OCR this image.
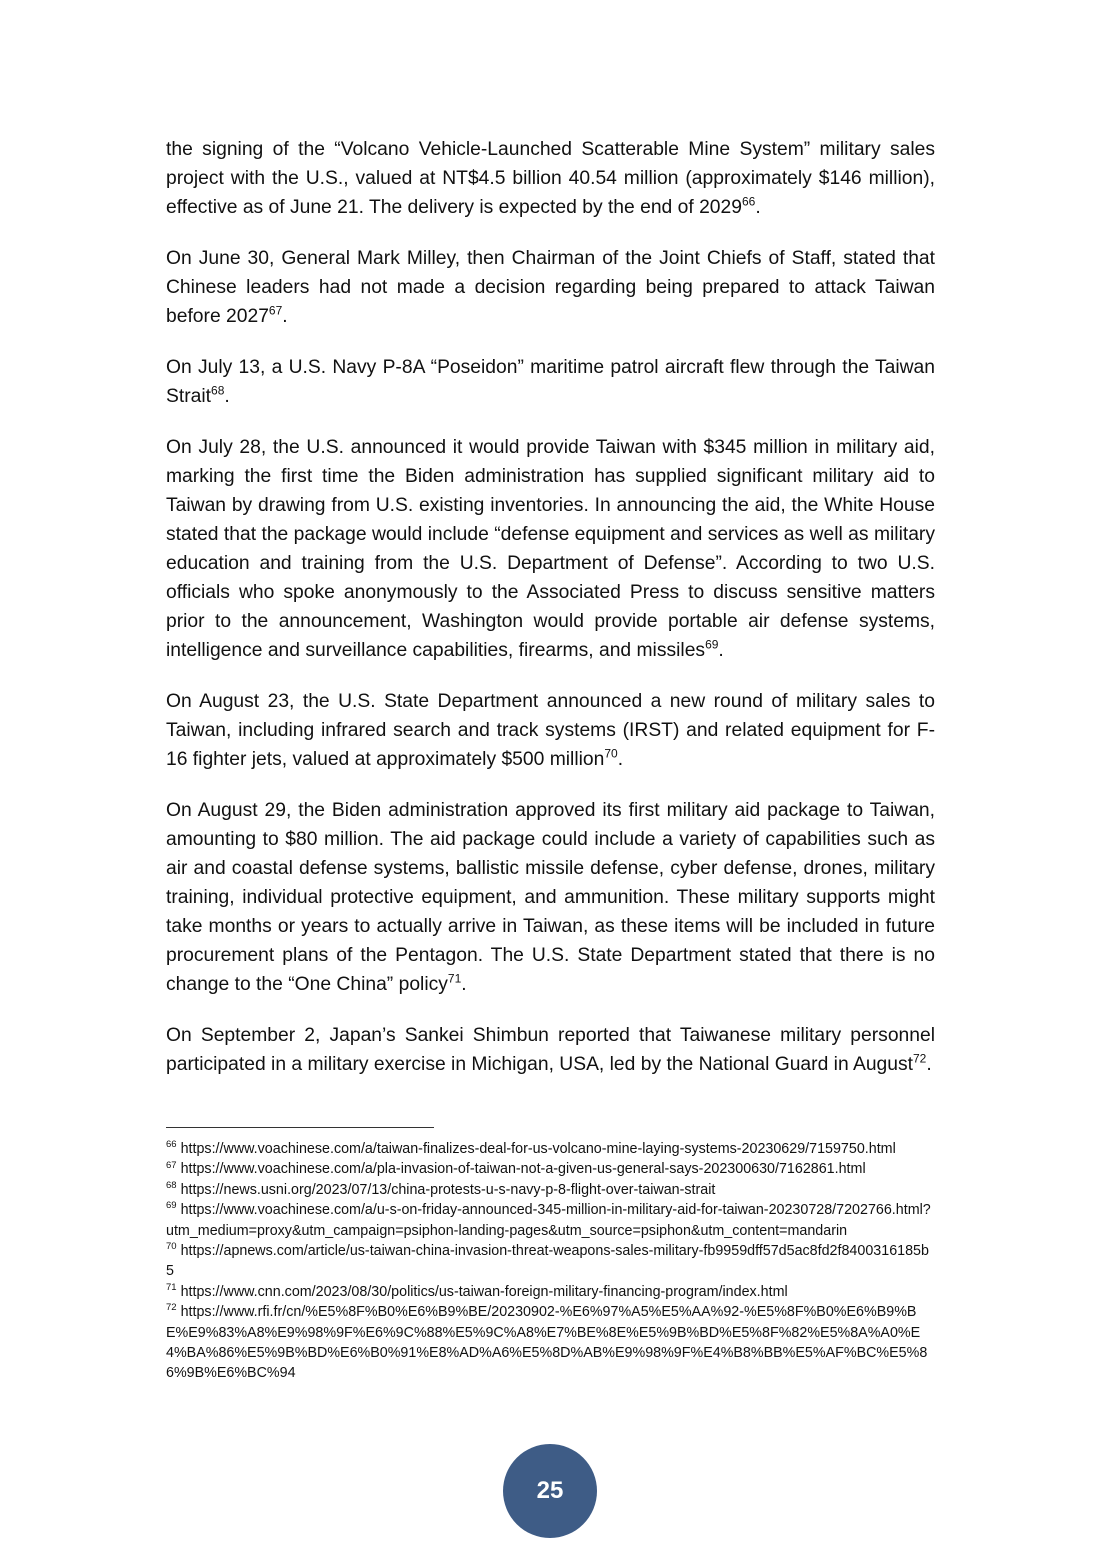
the signing of the “Volcano Vehicle-Launched Scatterable Mine System” military sales project with the U.S., valued at NT$4.5 billion 40.54 million (approximately $146 million), effective as of June 21. The delivery is expected by the end of 2029$^{66}$.

On June 30, General Mark Milley, then Chairman of the Joint Chiefs of Staff, stated that Chinese leaders had not made a decision regarding being prepared to attack Taiwan before 2027$^{67}$.

On July 13, a U.S. Navy P-8A “Poseidon” maritime patrol aircraft flew through the Taiwan Strait$^{68}$.

On July 28, the U.S. announced it would provide Taiwan with $345 million in military aid, marking the first time the Biden administration has supplied significant military aid to Taiwan by drawing from U.S. existing inventories. In announcing the aid, the White House stated that the package would include “defense equipment and services as well as military education and training from the U.S. Department of Defense”. According to two U.S. officials who spoke anonymously to the Associated Press to discuss sensitive matters prior to the announcement, Washington would provide portable air defense systems, intelligence and surveillance capabilities, firearms, and missiles$^{69}$.

On August 23, the U.S. State Department announced a new round of military sales to Taiwan, including infrared search and track systems (IRST) and related equipment for F-16 fighter jets, valued at approximately $500 million$^{70}$.

On August 29, the Biden administration approved its first military aid package to Taiwan, amounting to $80 million. The aid package could include a variety of capabilities such as air and coastal defense systems, ballistic missile defense, cyber defense, drones, military training, individual protective equipment, and ammunition. These military supports might take months or years to actually arrive in Taiwan, as these items will be included in future procurement plans of the Pentagon. The U.S. State Department stated that there is no change to the “One China” policy$^{71}$.

On September 2, Japan’s Sankei Shimbun reported that Taiwanese military personnel participated in a military exercise in Michigan, USA, led by the National Guard in August$^{72}$.

$^{66}$ https://www.voachinese.com/a/taiwan-finalizes-deal-for-us-volcano-mine-laying-systems-20230629/7159750.html

$^{67}$ https://www.voachinese.com/a/pla-invasion-of-taiwan-not-a-given-us-general-says-202300630/7162861.html

$^{68}$ https://news.usni.org/2023/07/13/china-protests-u-s-navy-p-8-flight-over-taiwan-strait

$^{69}$ https://www.voachinese.com/a/u-s-on-friday-announced-345-million-in-military-aid-for-taiwan-20230728/7202766.html?utm_medium=proxy&utm_campaign=psiphon-landing-pages&utm_source=psiphon&utm_content=mandarin

$^{70}$ https://apnews.com/article/us-taiwan-china-invasion-threat-weapons-sales-military-fb9959dff57d5ac8fd2f8400316185b5

$^{71}$ https://www.cnn.com/2023/08/30/politics/us-taiwan-foreign-military-financing-program/index.html

$^{72}$ https://www.rfi.fr/cn/%E5%8F%B0%E6%B9%BE/20230902-%E6%97%A5%E5%AA%92-%E5%8F%B0%E6%B9%BE%E9%83%A8%E9%98%9F%E6%9C%88%E5%9C%A8%E7%BE%8E%E5%9B%BD%E5%8F%82%E5%8A%A0%E4%BA%86%E5%9B%BD%E6%B0%91%E8%AD%A6%E5%8D%AB%E9%98%9F%E4%B8%BB%E5%AF%BC%E5%86%9B%E6%BC%94

25
